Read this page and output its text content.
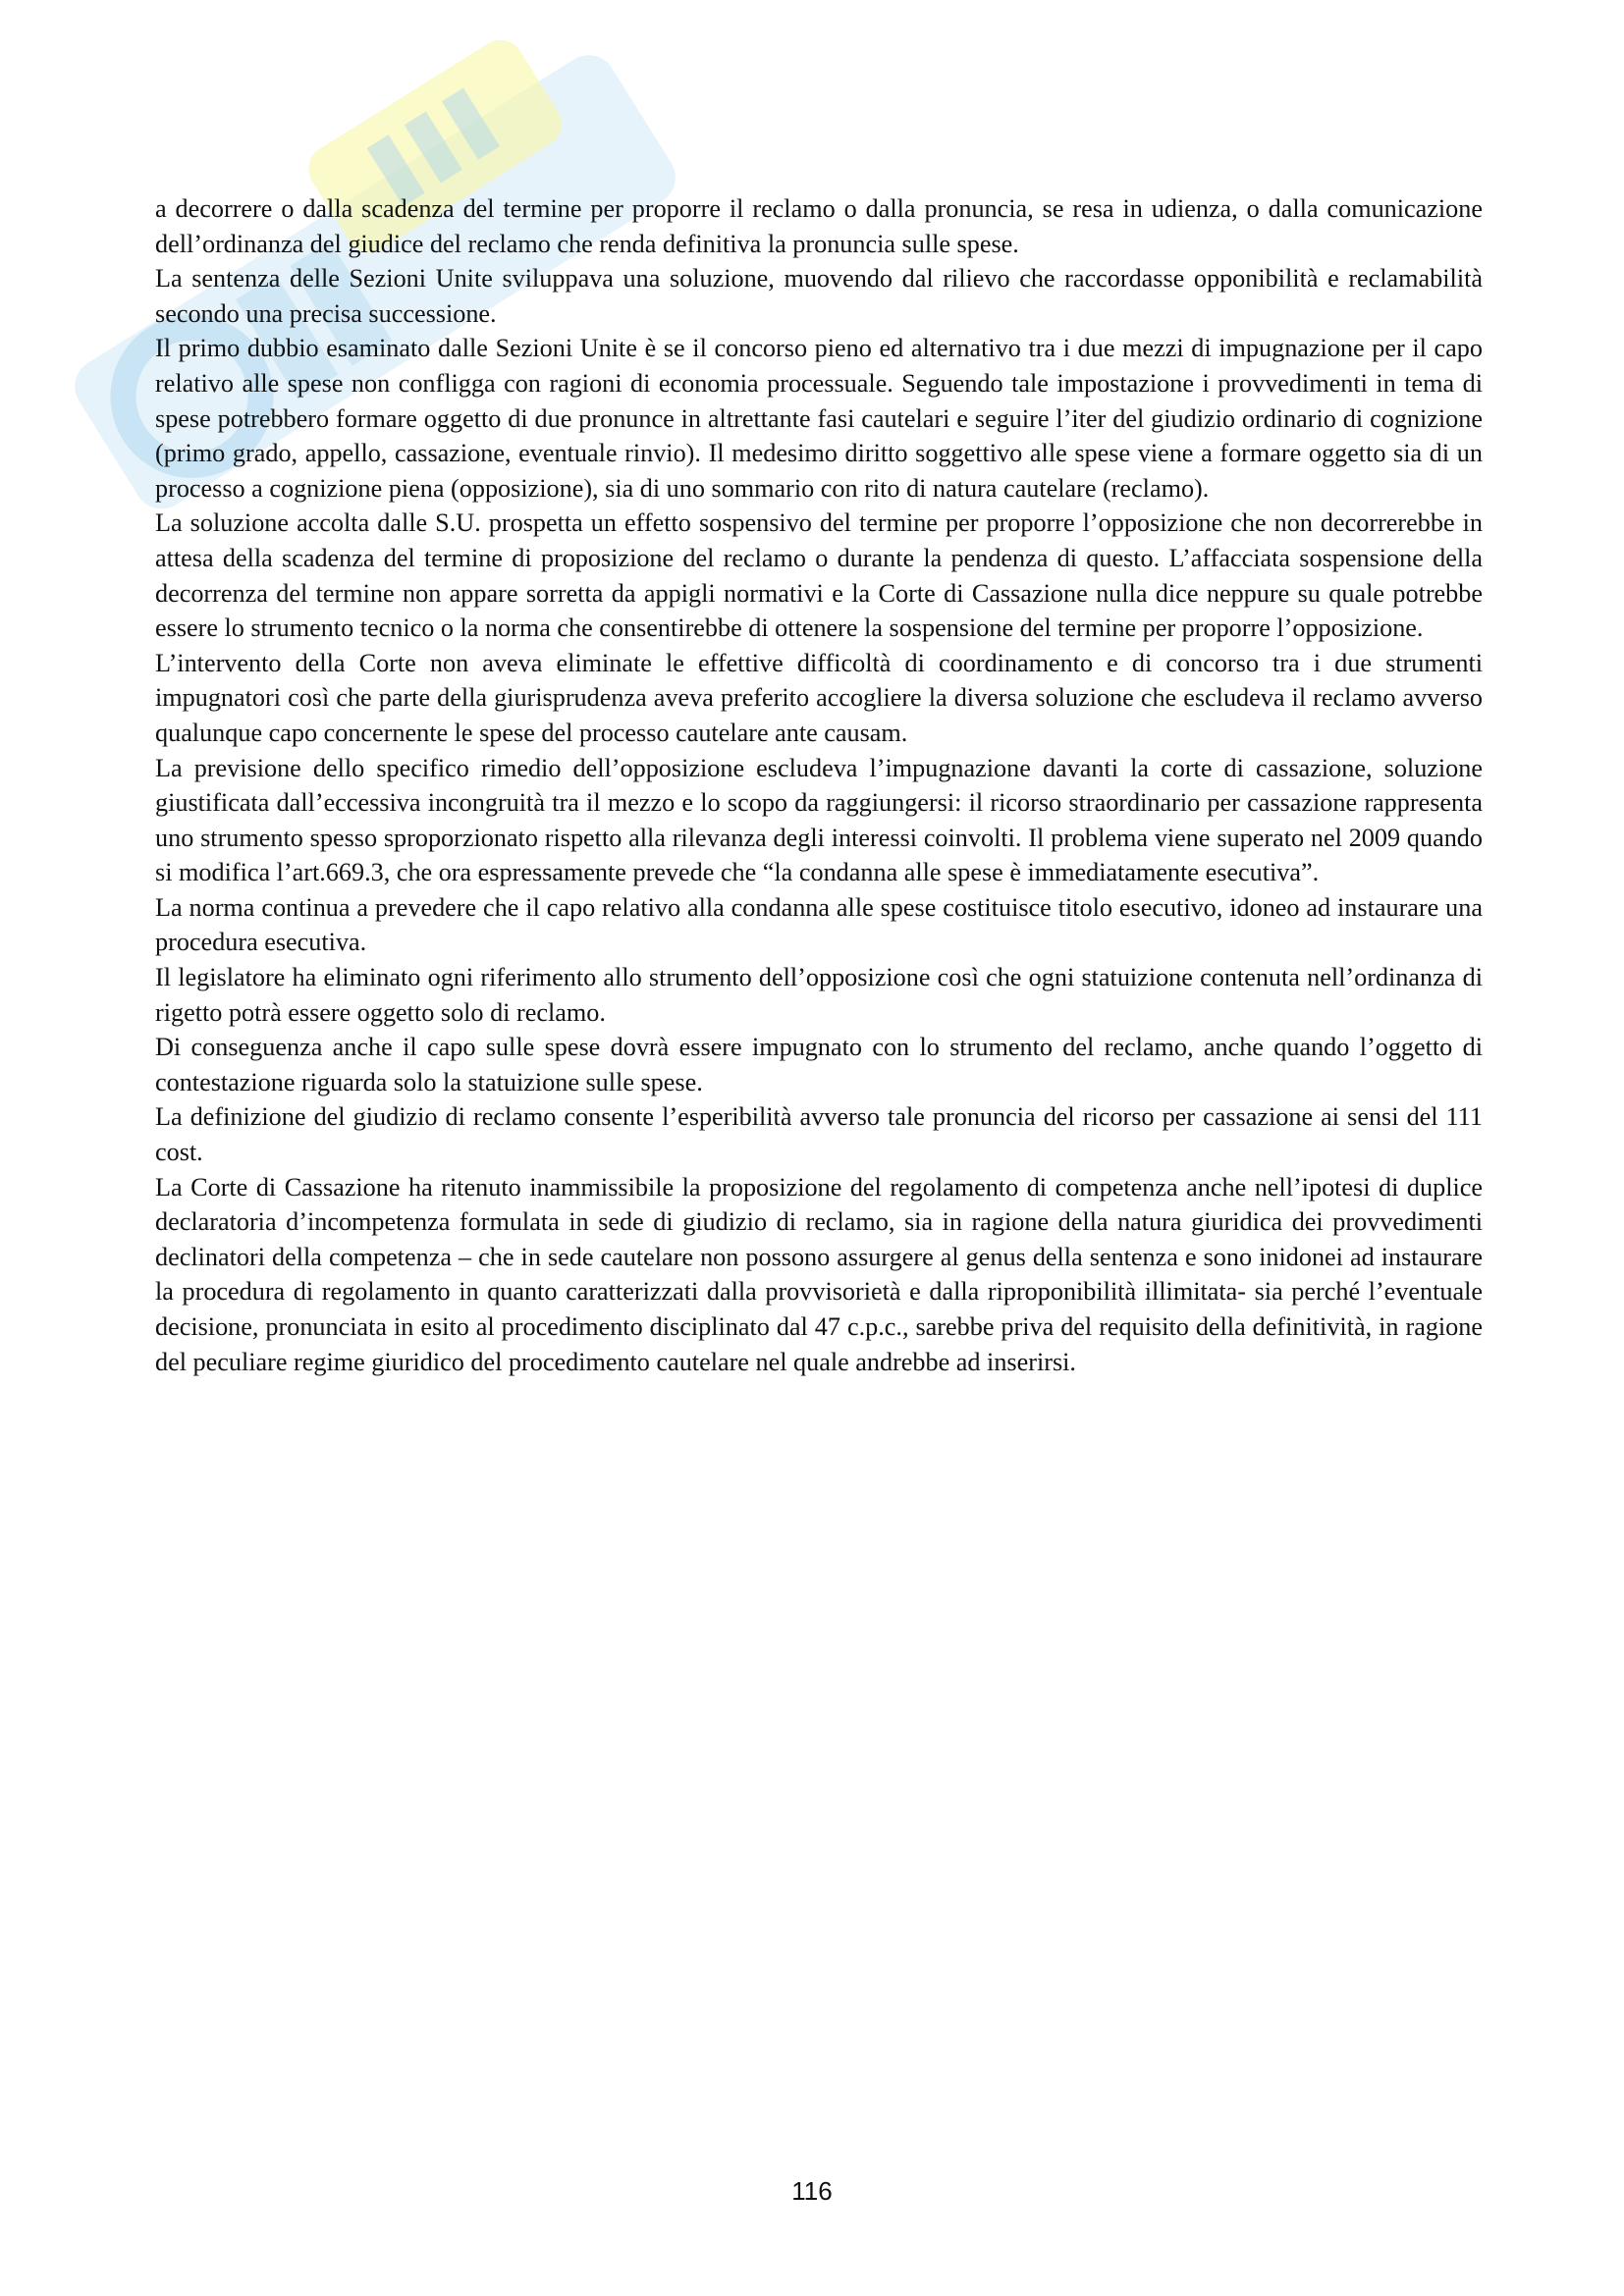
a decorrere o dalla scadenza del termine per proporre il reclamo o dalla pronuncia, se resa in udienza, o dalla comunicazione dell’ordinanza del giudice del reclamo che renda definitiva la pronuncia sulle spese.

La sentenza delle Sezioni Unite sviluppava una soluzione, muovendo dal rilievo che raccordasse opponibilità e reclamabilità secondo una precisa successione.

Il primo dubbio esaminato dalle Sezioni Unite è se il concorso pieno ed alternativo tra i due mezzi di impugnazione per il capo relativo alle spese non confligga con ragioni di economia processuale. Seguendo tale impostazione i provvedimenti in tema di spese potrebbero formare oggetto di due pronunce in altrettante fasi cautelari e seguire l’iter del giudizio ordinario di cognizione (primo grado, appello, cassazione, eventuale rinvio). Il medesimo diritto soggettivo alle spese viene a formare oggetto sia di un processo a cognizione piena (opposizione), sia di uno sommario con rito di natura cautelare (reclamo).

La soluzione accolta dalle S.U. prospetta un effetto sospensivo del termine per proporre l’opposizione che non decorrerebbe in attesa della scadenza del termine di proposizione del reclamo o durante la pendenza di questo. L’affacciata sospensione della decorrenza del termine non appare sorretta da appigli normativi e la Corte di Cassazione nulla dice neppure su quale potrebbe essere lo strumento tecnico o la norma che consentirebbe di ottenere la sospensione del termine per proporre l’opposizione.

L’intervento della Corte non aveva eliminate le effettive difficoltà di coordinamento e di concorso tra i due strumenti impugnatori così che parte della giurisprudenza aveva preferito accogliere la diversa soluzione che escludeva il reclamo avverso qualunque capo concernente le spese del processo cautelare ante causam.

La previsione dello specifico rimedio dell’opposizione escludeva l’impugnazione davanti la corte di cassazione, soluzione giustificata dall’eccessiva incongruità tra il mezzo e lo scopo da raggiungersi: il ricorso straordinario per cassazione rappresenta uno strumento spesso sproporzionato rispetto alla rilevanza degli interessi coinvolti. Il problema viene superato nel 2009 quando si modifica l’art.669.3, che ora espressamente prevede che “la condanna alle spese è immediatamente esecutiva”.

La norma continua a prevedere che il capo relativo alla condanna alle spese costituisce titolo esecutivo, idoneo ad instaurare una procedura esecutiva.

Il legislatore ha eliminato ogni riferimento allo strumento dell’opposizione così che ogni statuizione contenuta nell’ordinanza di rigetto potrà essere oggetto solo di reclamo.

Di conseguenza anche il capo sulle spese dovrà essere impugnato con lo strumento del reclamo, anche quando l’oggetto di contestazione riguarda solo la statuizione sulle spese.

La definizione del giudizio di reclamo consente l’esperibilità avverso tale pronuncia del ricorso per cassazione ai sensi del 111 cost.

La Corte di Cassazione ha ritenuto inammissibile la proposizione del regolamento di competenza anche nell’ipotesi di duplice declaratoria d’incompetenza formulata in sede di giudizio di reclamo, sia in ragione della natura giuridica dei provvedimenti declinatori della competenza – che in sede cautelare non possono assurgere al genus della sentenza e sono inidonei ad instaurare la procedura di regolamento in quanto caratterizzati dalla provvisorietà e dalla riproponibilità illimitata- sia perché l’eventuale decisione, pronunciata in esito al procedimento disciplinato dal 47 c.p.c., sarebbe priva del requisito della definitività, in ragione del peculiare regime giuridico del procedimento cautelare nel quale andrebbe ad inserirsi.

116
